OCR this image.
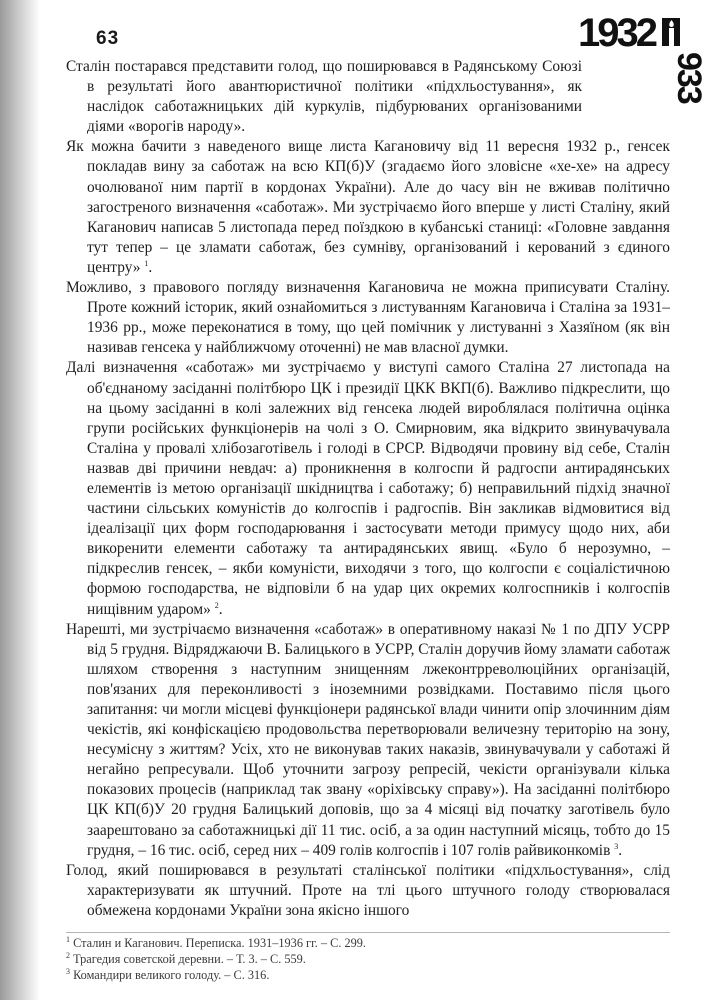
63	1932
933

Сталін постарався представити голод, що поширювався в Радянському Союзі в результаті його авантюристичної політики «підхльостування», як наслідок саботажницьких дій куркулів, підбурюваних організованими діями «ворогів народу».

Як можна бачити з наведеного вище листа Кагановичу від 11 вересня 1932 р., генсек покладав вину за саботаж на всю КП(б)У (згадаємо його зловісне «хе-хе» на адресу очолюваної ним партії в кордонах України). Але до часу він не вживав політично загостреного визначення «саботаж». Ми зустрічаємо його вперше у листі Сталіну, який Каганович написав 5 листопада перед поїздкою в кубанські станиці: «Головне завдання тут тепер – це зламати саботаж, без сумніву, організований і керований з єдиного центру» $^1$.

Можливо, з правового погляду визначення Кагановича не можна приписувати Сталіну. Проте кожний історик, який ознайомиться з листуванням Кагановича і Сталіна за 1931–1936 рр., може переконатися в тому, що цей помічник у листуванні з Хазяїном (як він називав генсека у найближчому оточенні) не мав власної думки.

Далі визначення «саботаж» ми зустрічаємо у виступі самого Сталіна 27 листопада на об'єднаному засіданні політбюро ЦК і президії ЦКК ВКП(б). Важливо підкреслити, що на цьому засіданні в колі залежних від генсека людей вироблялася політична оцінка групи російських функціонерів на чолі з О. Смирновим, яка відкрито звинувачувала Сталіна у провалі хлібозаготівель і голоді в СРСР. Відводячи провину від себе, Сталін назвав дві причини невдач: а) проникнення в колгоспи й радгоспи антирадянських елементів із метою організації шкідництва і саботажу; б) неправильний підхід значної частини сільських комуністів до колгоспів і радгоспів. Він закликав відмовитися від ідеалізації цих форм господарювання і застосувати методи примусу щодо них, аби викоренити елементи саботажу та антирадянських явищ. «Було б нерозумно, – підкреслив генсек, – якби комуністи, виходячи з того, що колгоспи є соціалістичною формою господарства, не відповіли б на удар цих окремих колгоспників і колгоспів нищівним ударом» $^2$.

Нарешті, ми зустрічаємо визначення «саботаж» в оперативному наказі № 1 по ДПУ УСРР від 5 грудня. Відряджаючи В. Балицького в УСРР, Сталін доручив йому зламати саботаж шляхом створення з наступним знищенням лжеконтрреволюційних організацій, пов'язаних для переконливості з іноземними розвідками. Поставимо після цього запитання: чи могли місцеві функціонери радянської влади чинити опір злочинним діям чекістів, які конфіскацією продовольства перетворювали величезну територію на зону, несумісну з життям? Усіх, хто не виконував таких наказів, звинувачували у саботажі й негайно репресували. Щоб уточнити загрозу репресій, чекісти організували кілька показових процесів (наприклад так звану «оріхівську справу»). На засіданні політбюро ЦК КП(б)У 20 грудня Балицький доповів, що за 4 місяці від початку заготівель було заарештовано за саботажницькі дії 11 тис. осіб, а за один наступний місяць, тобто до 15 грудня, – 16 тис. осіб, серед них – 409 голів колгоспів і 107 голів райвиконкомів $^3$.

Голод, який поширювався в результаті сталінської політики «підхльостування», слід характеризувати як штучний. Проте на тлі цього штучного голоду створювалася обмежена кордонами України зона якісно іншого

$^1$ Сталин и Каганович. Переписка. 1931–1936 гг. – С. 299.
$^2$ Трагедия советской деревни. – Т. 3. – С. 559.
$^3$ Командири великого голоду. – С. 316.
